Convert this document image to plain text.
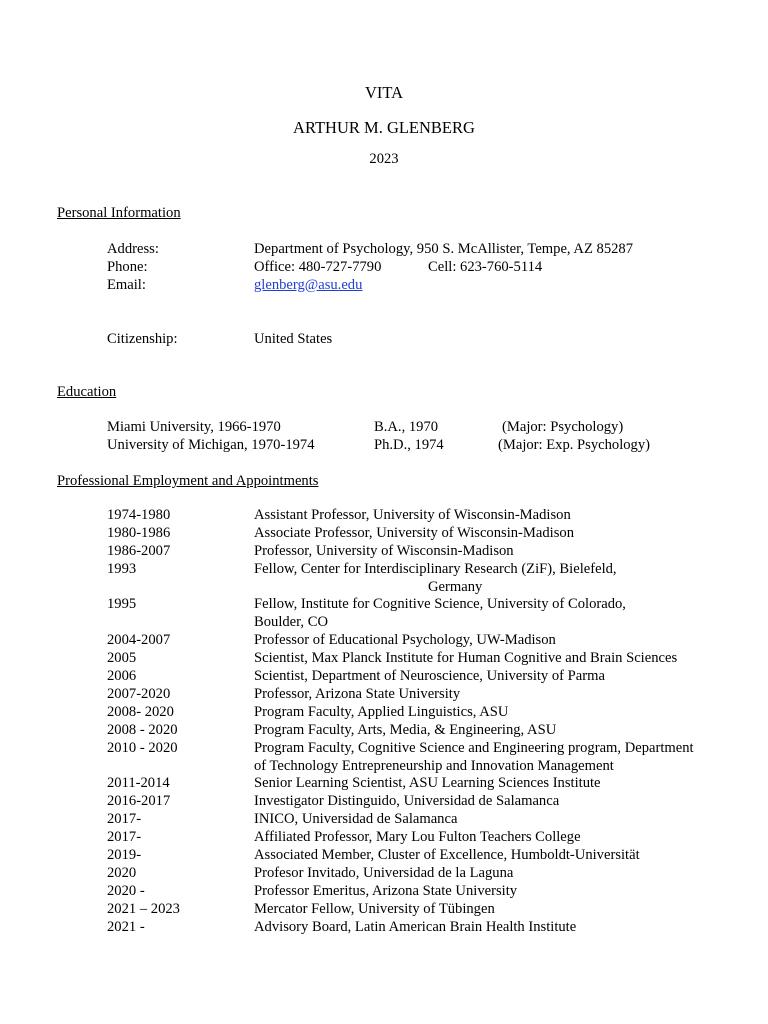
VITA
ARTHUR M. GLENBERG
2023
Personal Information
Address:	Department of Psychology, 950 S. McAllister, Tempe, AZ 85287
Phone:	Office: 480-727-7790	Cell: 623-760-5114
Email:	glenberg@asu.edu
Citizenship:	United States
Education
Miami University, 1966-1970	B.A., 1970	(Major: Psychology)
University of Michigan, 1970-1974	Ph.D., 1974	(Major: Exp. Psychology)
Professional Employment and Appointments
1974-1980	Assistant Professor, University of Wisconsin-Madison
1980-1986	Associate Professor, University of Wisconsin-Madison
1986-2007	Professor, University of Wisconsin-Madison
1993	Fellow, Center for Interdisciplinary Research (ZiF), Bielefeld,
Germany
1995	Fellow, Institute for Cognitive Science, University of Colorado,
Boulder, CO
2004-2007	Professor of Educational Psychology, UW-Madison
2005	Scientist, Max Planck Institute for Human Cognitive and Brain Sciences
2006	Scientist, Department of Neuroscience, University of Parma
2007-2020	Professor, Arizona State University
2008- 2020	Program Faculty, Applied Linguistics, ASU
2008 - 2020	Program Faculty, Arts, Media, & Engineering, ASU
2010 - 2020	Program Faculty, Cognitive Science and Engineering program, Department
of Technology Entrepreneurship and Innovation Management
2011-2014	Senior Learning Scientist, ASU Learning Sciences Institute
2016-2017	Investigator Distinguido, Universidad de Salamanca
2017-	INICO, Universidad de Salamanca
2017-	Affiliated Professor, Mary Lou Fulton Teachers College
2019-	Associated Member, Cluster of Excellence, Humboldt-Universität
2020	Profesor Invitado, Universidad de la Laguna
2020 -	Professor Emeritus, Arizona State University
2021 – 2023	Mercator Fellow, University of Tübingen
2021 -	Advisory Board, Latin American Brain Health Institute
